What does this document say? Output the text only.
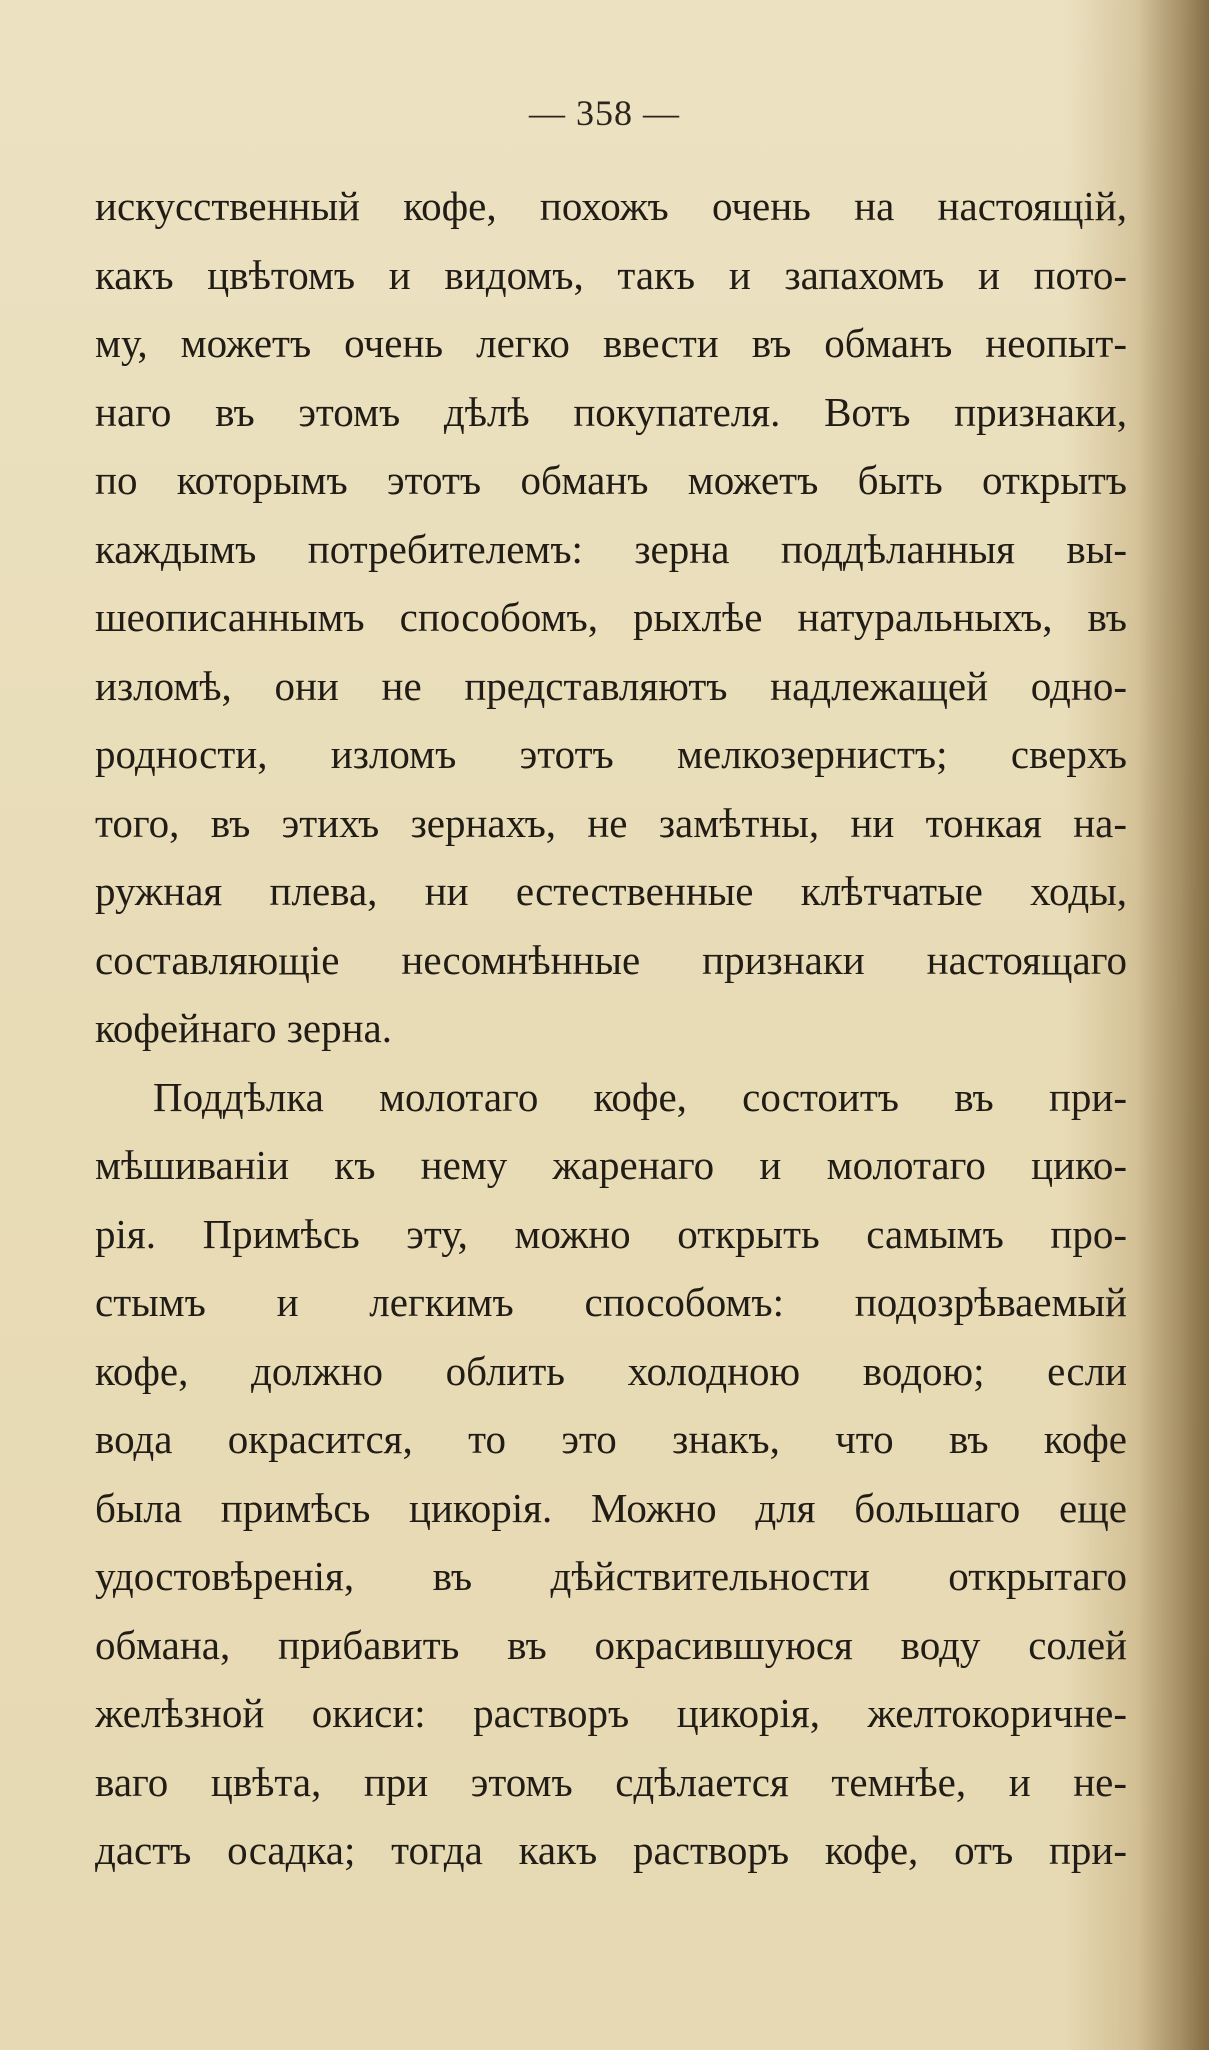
— 358 —
искусственный кофе, похожъ очень на настоящій,
какъ цвѣтомъ и видомъ, такъ и запахомъ и пото-
му, можетъ очень легко ввести въ обманъ неопыт-
наго въ этомъ дѣлѣ покупателя. Вотъ признаки,
по которымъ этотъ обманъ можетъ быть открытъ
каждымъ потребителемъ: зерна поддѣланныя вы-
шеописаннымъ способомъ, рыхлѣе натуральныхъ, въ
изломѣ, они не представляютъ надлежащей одно-
родности, изломъ этотъ мелкозернистъ; сверхъ
того, въ этихъ зернахъ, не замѣтны, ни тонкая на-
ружная плева, ни естественные клѣтчатые ходы,
составляющіе несомнѣнные признаки настоящаго
кофейнаго зерна.
Поддѣлка молотаго кофе, состоитъ въ при-
мѣшиваніи къ нему жаренаго и молотаго цико-
рія. Примѣсь эту, можно открыть самымъ про-
стымъ и легкимъ способомъ: подозрѣваемый
кофе, должно облить холодною водою; если
вода окрасится, то это знакъ, что въ кофе
была примѣсь цикорія. Можно для большаго еще
удостовѣренія, въ дѣйствительности открытаго
обмана, прибавить въ окрасившуюся воду солей
желѣзной окиси: растворъ цикорія, желтокоричне-
ваго цвѣта, при этомъ сдѣлается темнѣе, и не-
дастъ осадка; тогда какъ растворъ кофе, отъ при-
